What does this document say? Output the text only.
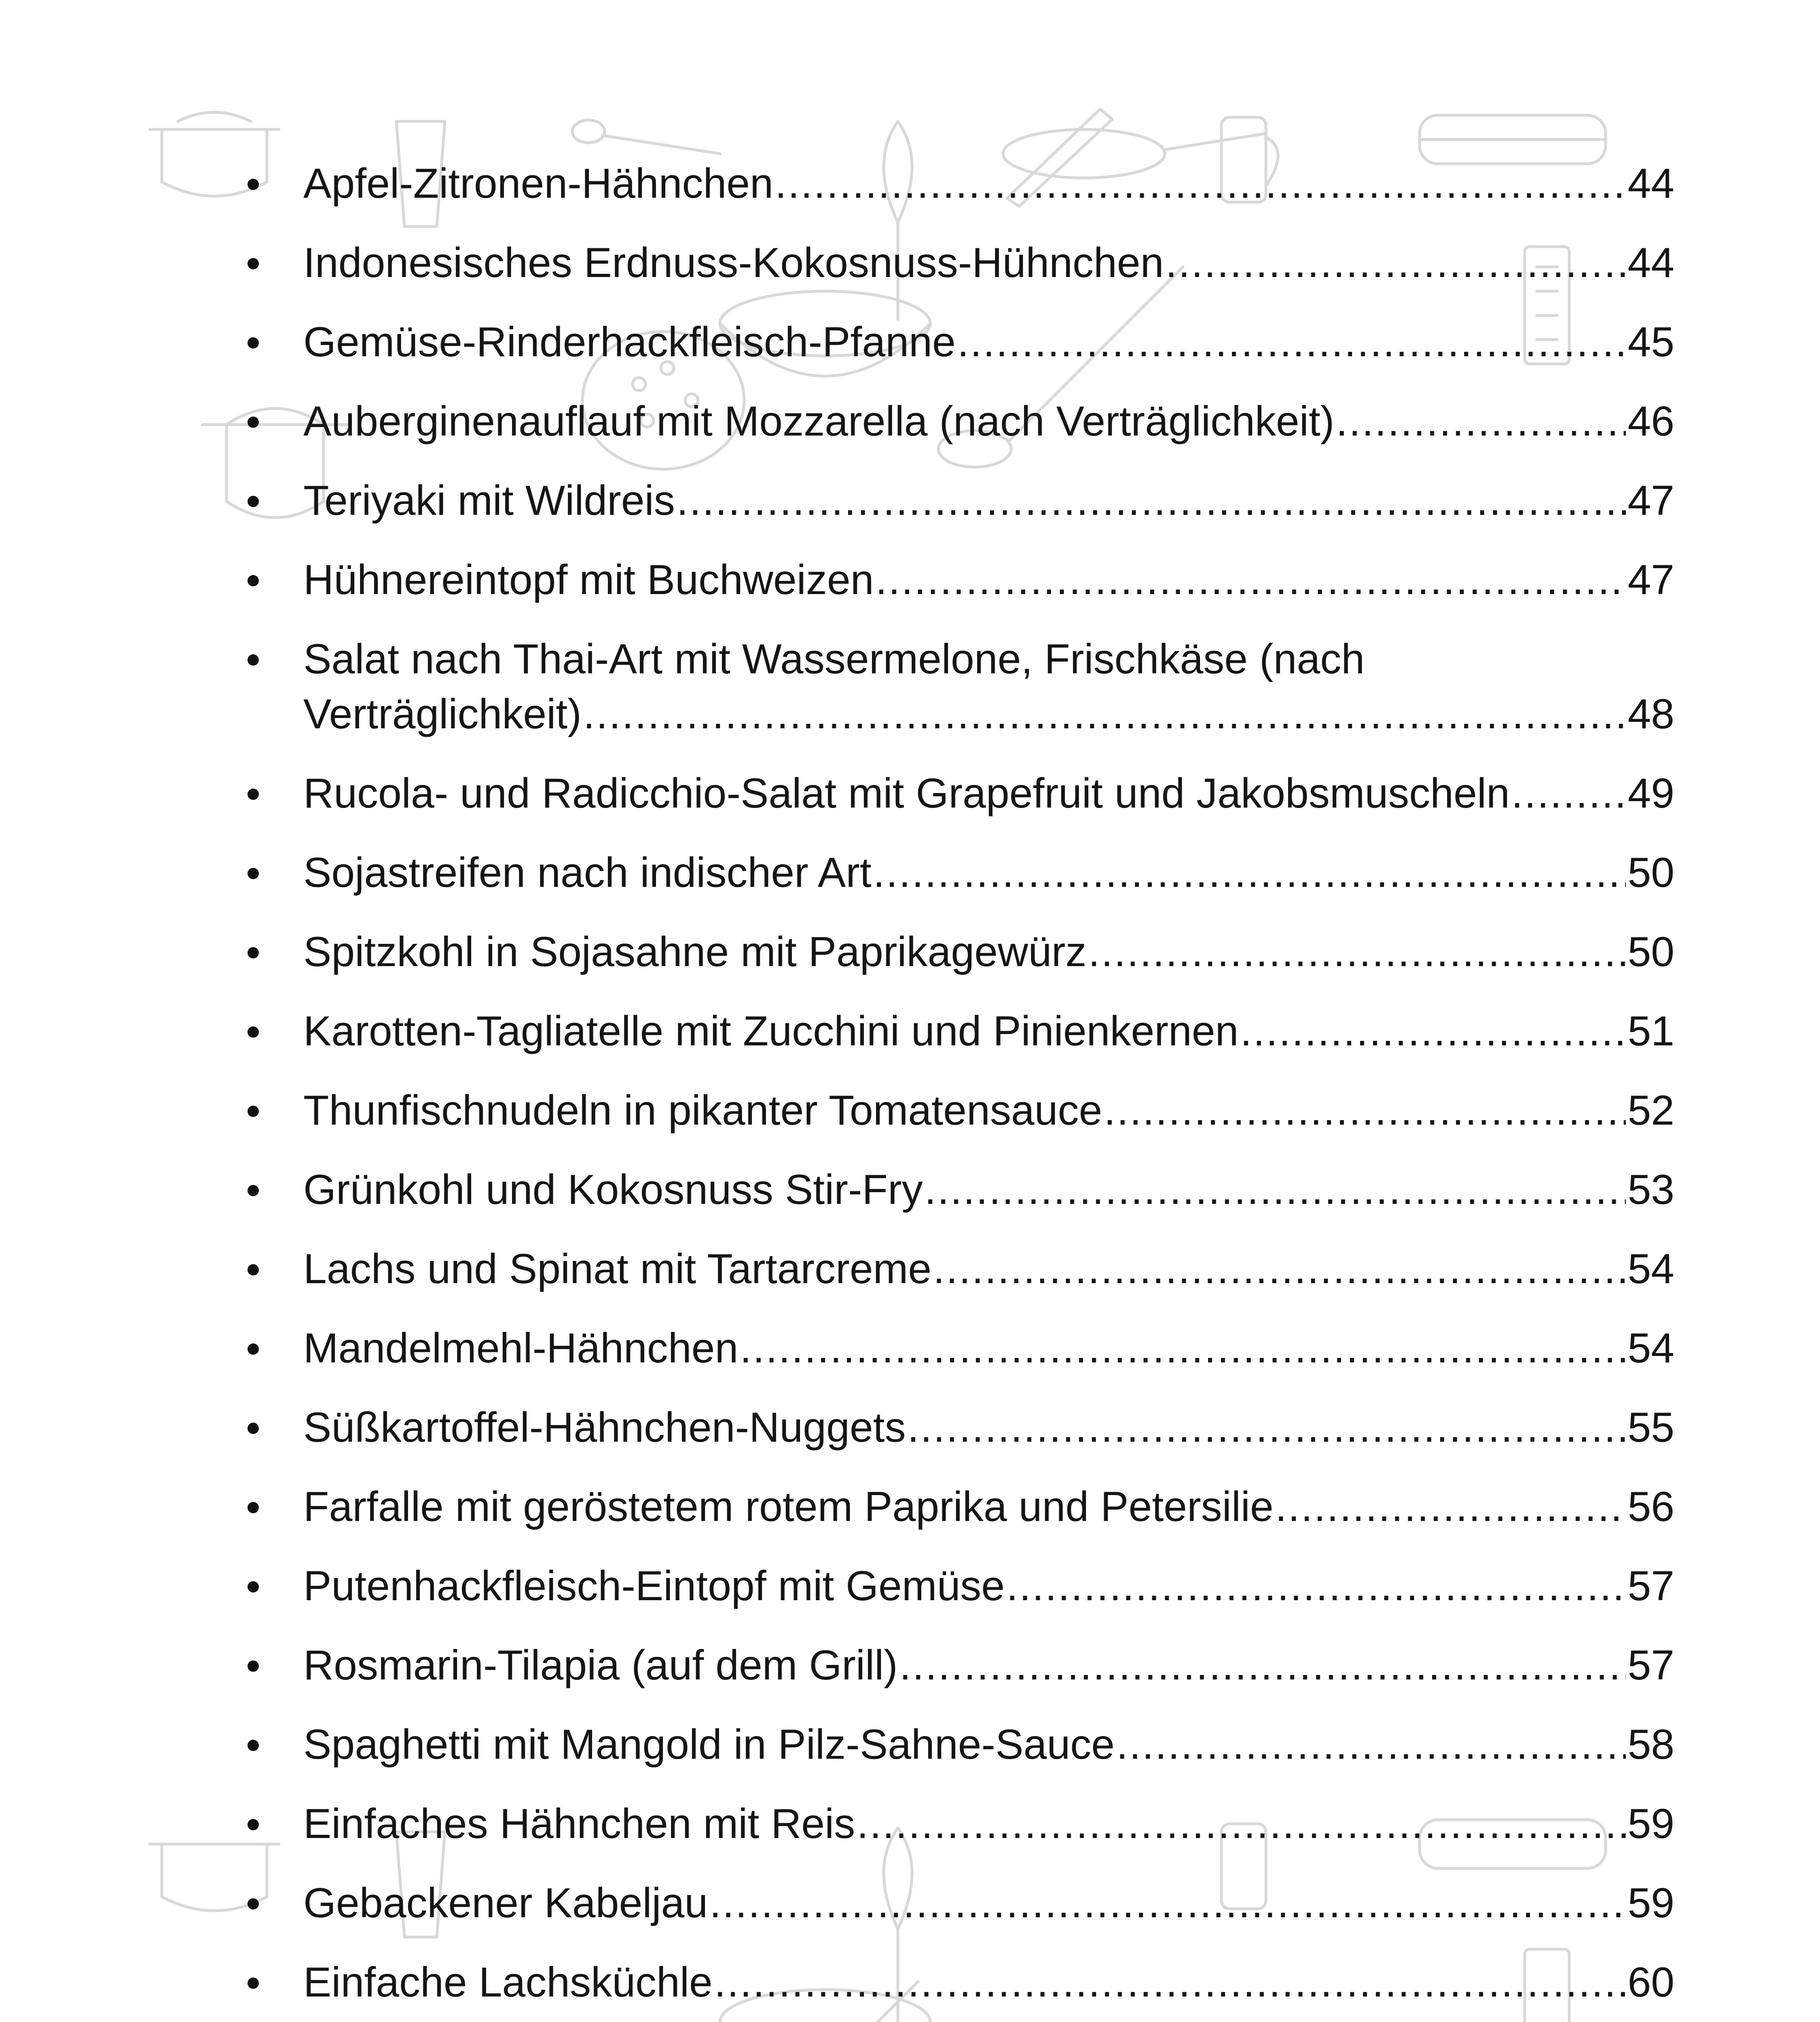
Apfel-Zitronen-Hähnchen .....	44
Indonesisches Erdnuss-Kokosnuss-Hühnchen .....	44
Gemüse-Rinderhackfleisch-Pfanne .....	45
Auberginenauflauf mit Mozzarella (nach Verträglichkeit) .....	46
Teriyaki mit Wildreis .....	47
Hühnereintopf mit Buchweizen .....	47
Salat nach Thai-Art mit Wassermelone, Frischkäse (nach
Verträglichkeit) .....	48
Rucola- und Radicchio-Salat mit Grapefruit und Jakobsmuscheln .....	49
Sojastreifen nach indischer Art .....	50
Spitzkohl in Sojasahne mit Paprikagewürz .....	50
Karotten-Tagliatelle mit Zucchini und Pinienkernen .....	51
Thunfischnudeln in pikanter Tomatensauce .....	52
Grünkohl und Kokosnuss Stir-Fry .....	53
Lachs und Spinat mit Tartarcreme .....	54
Mandelmehl-Hähnchen .....	54
Süßkartoffel-Hähnchen-Nuggets .....	55
Farfalle mit geröstetem rotem Paprika und Petersilie .....	56
Putenhackfleisch-Eintopf mit Gemüse .....	57
Rosmarin-Tilapia (auf dem Grill) .....	57
Spaghetti mit Mangold in Pilz-Sahne-Sauce .....	58
Einfaches Hähnchen mit Reis .....	59
Gebackener Kabeljau .....	59
Einfache Lachsküchle .....	60
